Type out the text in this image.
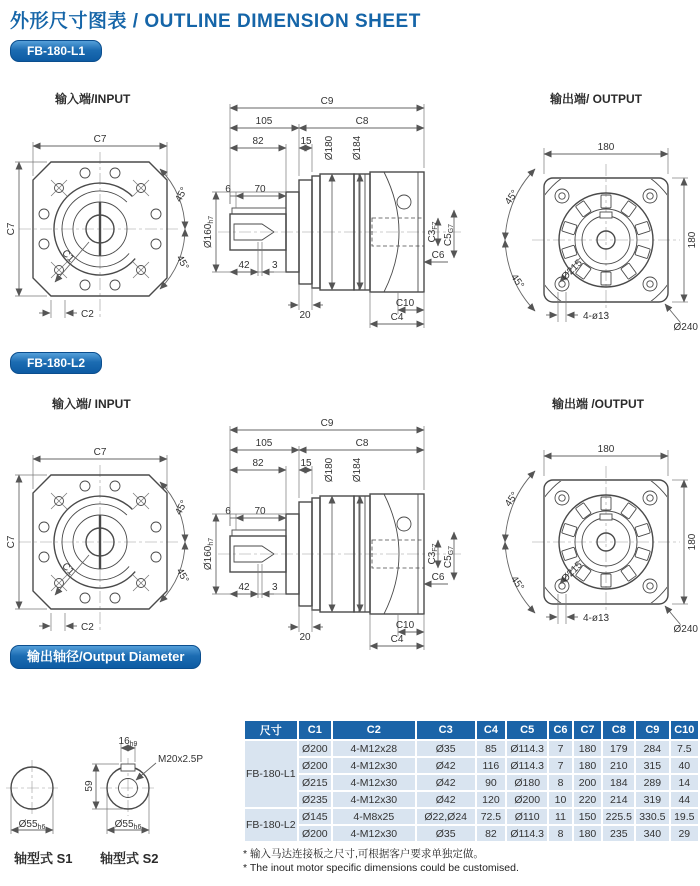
外形尺寸图表 / OUTLINE DIMENSION SHEET
FB-180-L1
输入端/INPUT	输出端/ OUTPUT
C7
C7
C1
C2
45°
45°
C9
105	C8
82	15 Ø180 Ø184
6 70
$Ø160_{h7}$
42 3
20
C10
C4
$C3_{F7}$
$C5_{G7}$
C6
180
180
45°
45°	Ø215
4-ø13
Ø240
FB-180-L2
输入端/ INPUT	输出端 /OUTPUT
C7
C7
C1
C2
45°
45°
C9
105	C8
82	15 Ø180 Ø184
6 70
$Ø160_{h7}$
42 3
20
C10
C4
$C3_{F7}$
$C5_{G7}$
C6
180
180
45°
45°	Ø215
4-ø13
Ø240
输出轴径/Output Diameter
$Ø55_{h6}$
$16_{h9}$
59
M20x2.5P
$Ø55_{h6}$
轴型式 S1 轴型式 S2
尺寸	C1	C2	C3	C4	C5	C6	C7	C8	C9	C10
FB-180-L1	Ø200	4-M12x28	Ø35	85	Ø114.3	7	180	179	284	7.5
	Ø200	4-M12x30	Ø42	116	Ø114.3	7	180	210	315	40
	Ø215	4-M12x30	Ø42	90	Ø180	8	200	184	289	14
	Ø235	4-M12x30	Ø42	120	Ø200	10	220	214	319	44
FB-180-L2	Ø145	4-M8x25	Ø22,Ø24	72.5	Ø110	11	150	225.5	330.5	19.5
	Ø200	4-M12x30	Ø35	82	Ø114.3	8	180	235	340	29
* 输入马达连接板之尺寸,可根据客户要求单独定做。
* The inout motor specific dimensions could be customised.
